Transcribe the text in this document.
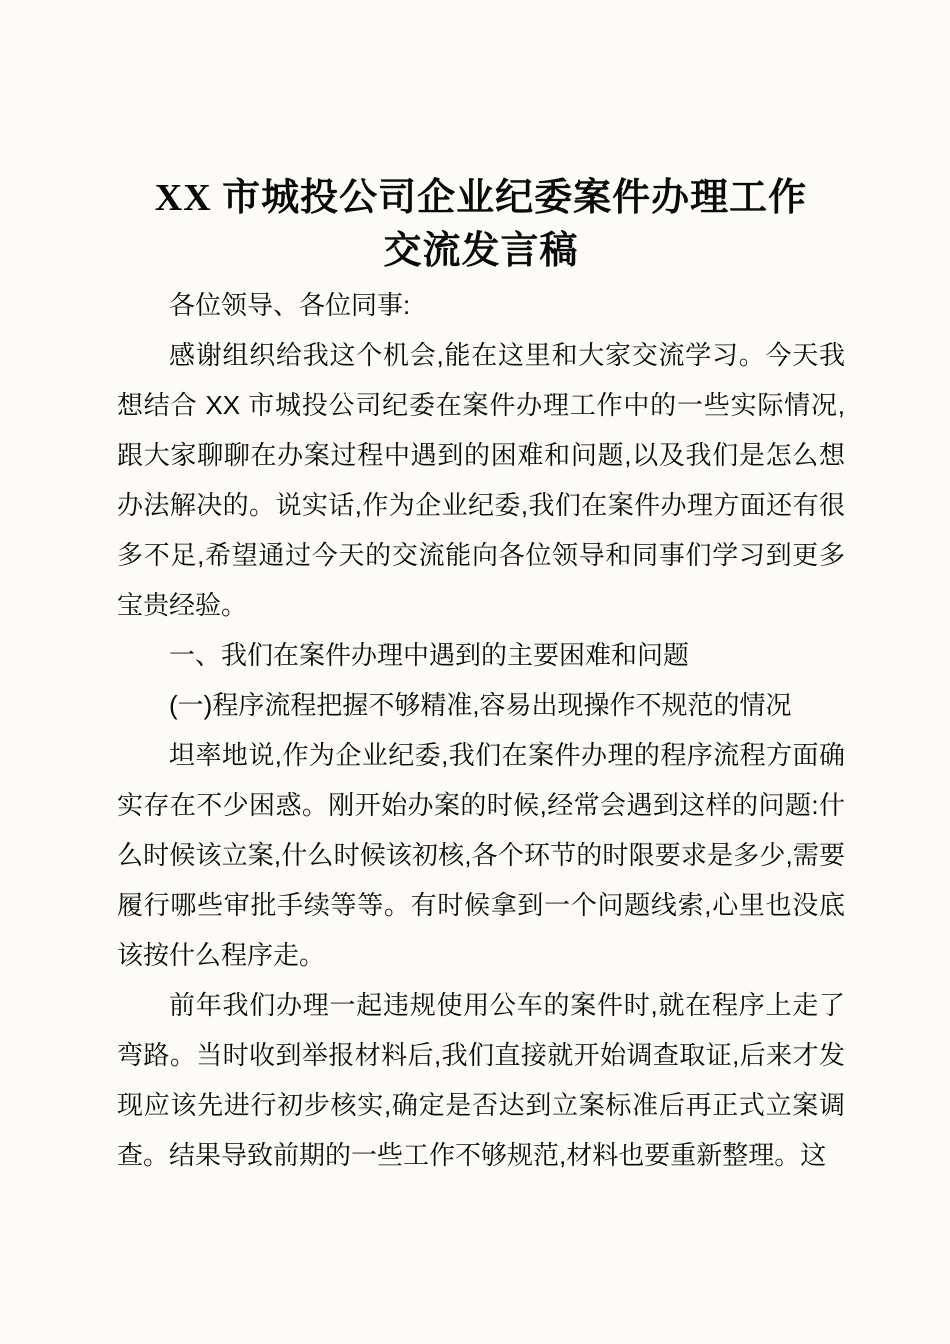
XX 市城投公司企业纪委案件办理工作
交流发言稿

各位领导、各位同事:

感谢组织给我这个机会,能在这里和大家交流学习。今天我想结合 XX 市城投公司纪委在案件办理工作中的一些实际情况,跟大家聊聊在办案过程中遇到的困难和问题,以及我们是怎么想办法解决的。说实话,作为企业纪委,我们在案件办理方面还有很多不足,希望通过今天的交流能向各位领导和同事们学习到更多宝贵经验。

一、我们在案件办理中遇到的主要困难和问题

(一)程序流程把握不够精准,容易出现操作不规范的情况

坦率地说,作为企业纪委,我们在案件办理的程序流程方面确实存在不少困惑。刚开始办案的时候,经常会遇到这样的问题:什么时候该立案,什么时候该初核,各个环节的时限要求是多少,需要履行哪些审批手续等等。有时候拿到一个问题线索,心里也没底该按什么程序走。

前年我们办理一起违规使用公车的案件时,就在程序上走了弯路。当时收到举报材料后,我们直接就开始调查取证,后来才发现应该先进行初步核实,确定是否达到立案标准后再正式立案调查。结果导致前期的一些工作不够规范,材料也要重新整理。这
